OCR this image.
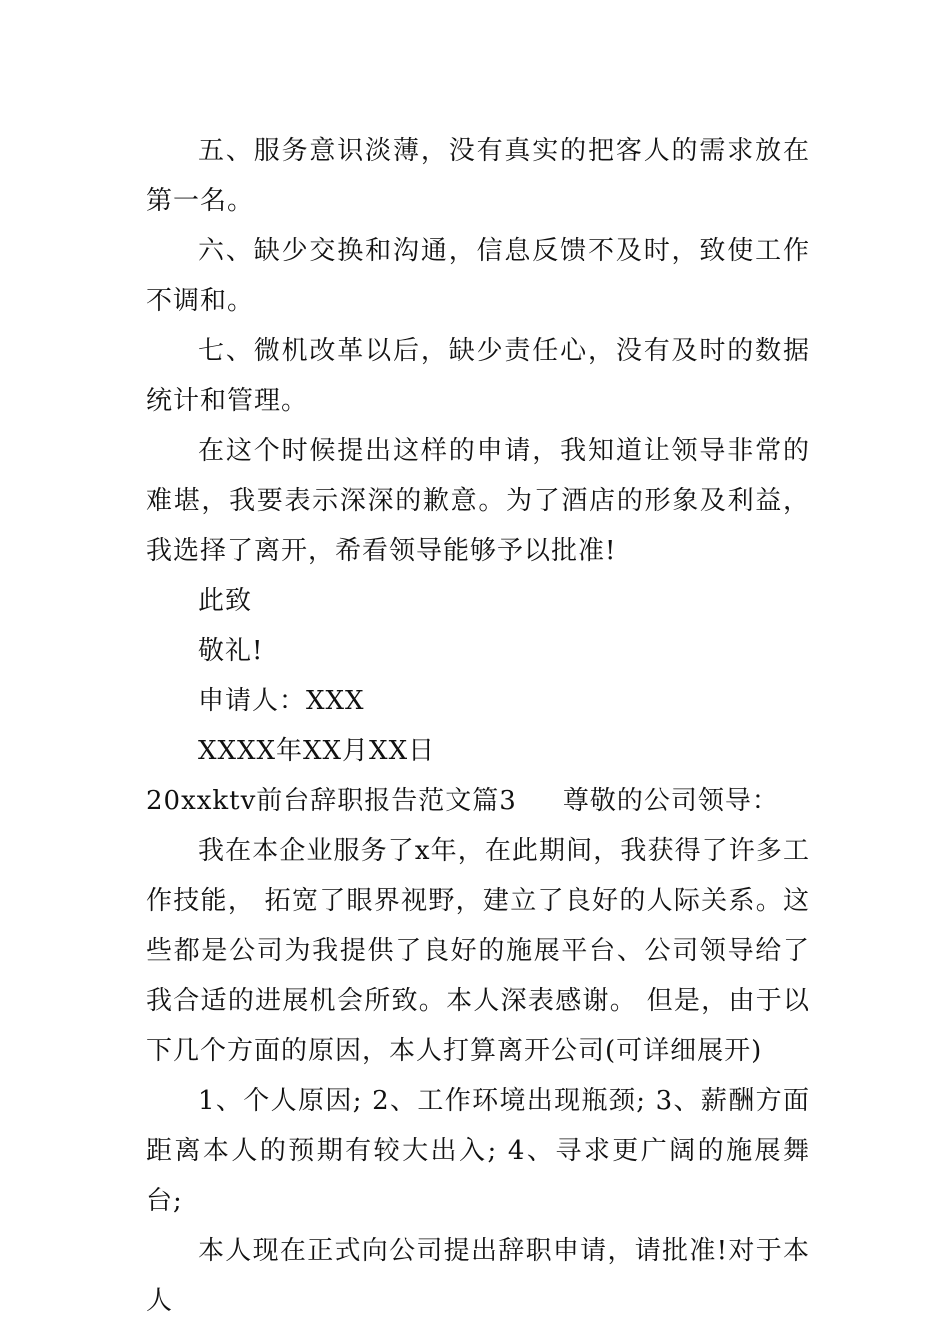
五、服务意识淡薄，没有真实的把客人的需求放在第一名。

六、缺少交换和沟通，信息反馈不及时，致使工作不调和。

七、微机改革以后，缺少责任心，没有及时的数据统计和管理。

在这个时候提出这样的申请，我知道让领导非常的难堪，我要表示深深的歉意。为了酒店的形象及利益，我选择了离开，希看领导能够予以批准!

此致

敬礼!

申请人：XXX

XXXX年XX月XX日

20xxktv前台辞职报告范文篇3 尊敬的公司领导：

我在本企业服务了x年，在此期间，我获得了许多工作技能， 拓宽了眼界视野，建立了良好的人际关系。这些都是公司为我提供了良好的施展平台、公司领导给了我合适的进展机会所致。本人深表感谢。 但是，由于以下几个方面的原因，本人打算离开公司(可详细展开)

1、个人原因; 2、工作环境出现瓶颈; 3、薪酬方面距离本人的预期有较大出入; 4、寻求更广阔的施展舞台;

本人现在正式向公司提出辞职申请，请批准!对于本人
